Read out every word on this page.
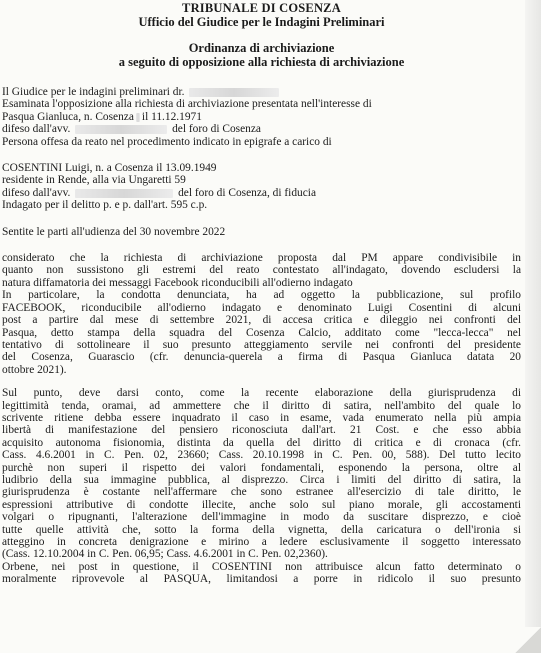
TRIBUNALE DI COSENZA
Ufficio del Giudice per le Indagini Preliminari
Ordinanza di archiviazione
a seguito di opposizione alla richiesta di archiviazione
Il Giudice per le indagini preliminari dr.
Esaminata l'opposizione alla richiesta di archiviazione presentata nell'interesse di
Pasqua Gianluca, n. Cosenza il 11.12.1971
difeso dall'avv.	del foro di Cosenza
Persona offesa da reato nel procedimento indicato in epigrafe a carico di
COSENTINI Luigi, n. a Cosenza il 13.09.1949
residente in Rende, alla via Ungaretti 59
difeso dall'avv.	del foro di Cosenza, di fiducia
Indagato per il delitto p. e p. dall'art. 595 c.p.
Sentite le parti all'udienza del 30 novembre 2022
considerato che la richiesta di archiviazione proposta dal PM appare condivisibile in
quanto non sussistono gli estremi del reato contestato all'indagato, dovendo escludersi la
natura diffamatoria dei messaggi Facebook riconducibili all'odierno indagato
In particolare, la condotta denunciata, ha ad oggetto la pubblicazione, sul profilo
FACEBOOK, riconducibile all'odierno indagato e denominato Luigi Cosentini di alcuni
post a partire dal mese di settembre 2021, di accesa critica e dileggio nei confronti del
Pasqua, detto stampa della squadra del Cosenza Calcio, additato come "lecca-lecca" nel
tentativo di sottolineare il suo presunto atteggiamento servile nei confronti del presidente
del Cosenza, Guarascio (cfr. denuncia-querela a firma di Pasqua Gianluca datata 20
ottobre 2021).
Sul punto, deve darsi conto, come la recente elaborazione della giurisprudenza di
legittimità tenda, oramai, ad ammettere che il diritto di satira, nell'ambito del quale lo
scrivente ritiene debba essere inquadrato il caso in esame, vada enumerato nella più ampia
libertà di manifestazione del pensiero riconosciuta dall'art. 21 Cost. e che esso abbia
acquisito autonoma fisionomia, distinta da quella del diritto di critica e di cronaca (cfr.
Cass. 4.6.2001 in C. Pen. 02, 23660; Cass. 20.10.1998 in C. Pen. 00, 588). Del tutto lecito
purchè non superi il rispetto dei valori fondamentali, esponendo la persona, oltre al
ludibrio della sua immagine pubblica, al disprezzo. Circa i limiti del diritto di satira, la
giurisprudenza è costante nell'affermare che sono estranee all'esercizio di tale diritto, le
espressioni attributive di condotte illecite, anche solo sul piano morale, gli accostamenti
volgari o ripugnanti, l'alterazione dell'immagine in modo da suscitare disprezzo, e cioè
tutte quelle attività che, sotto la forma della vignetta, della caricatura o dell'ironia si
atteggino in concreta denigrazione e mirino a ledere esclusivamente il soggetto interessato
(Cass. 12.10.2004 in C. Pen. 06,95; Cass. 4.6.2001 in C. Pen. 02,2360).
Orbene, nei post in questione, il COSENTINI non attribuisce alcun fatto determinato o
moralmente riprovevole al PASQUA, limitandosi a porre in ridicolo il suo presunto
